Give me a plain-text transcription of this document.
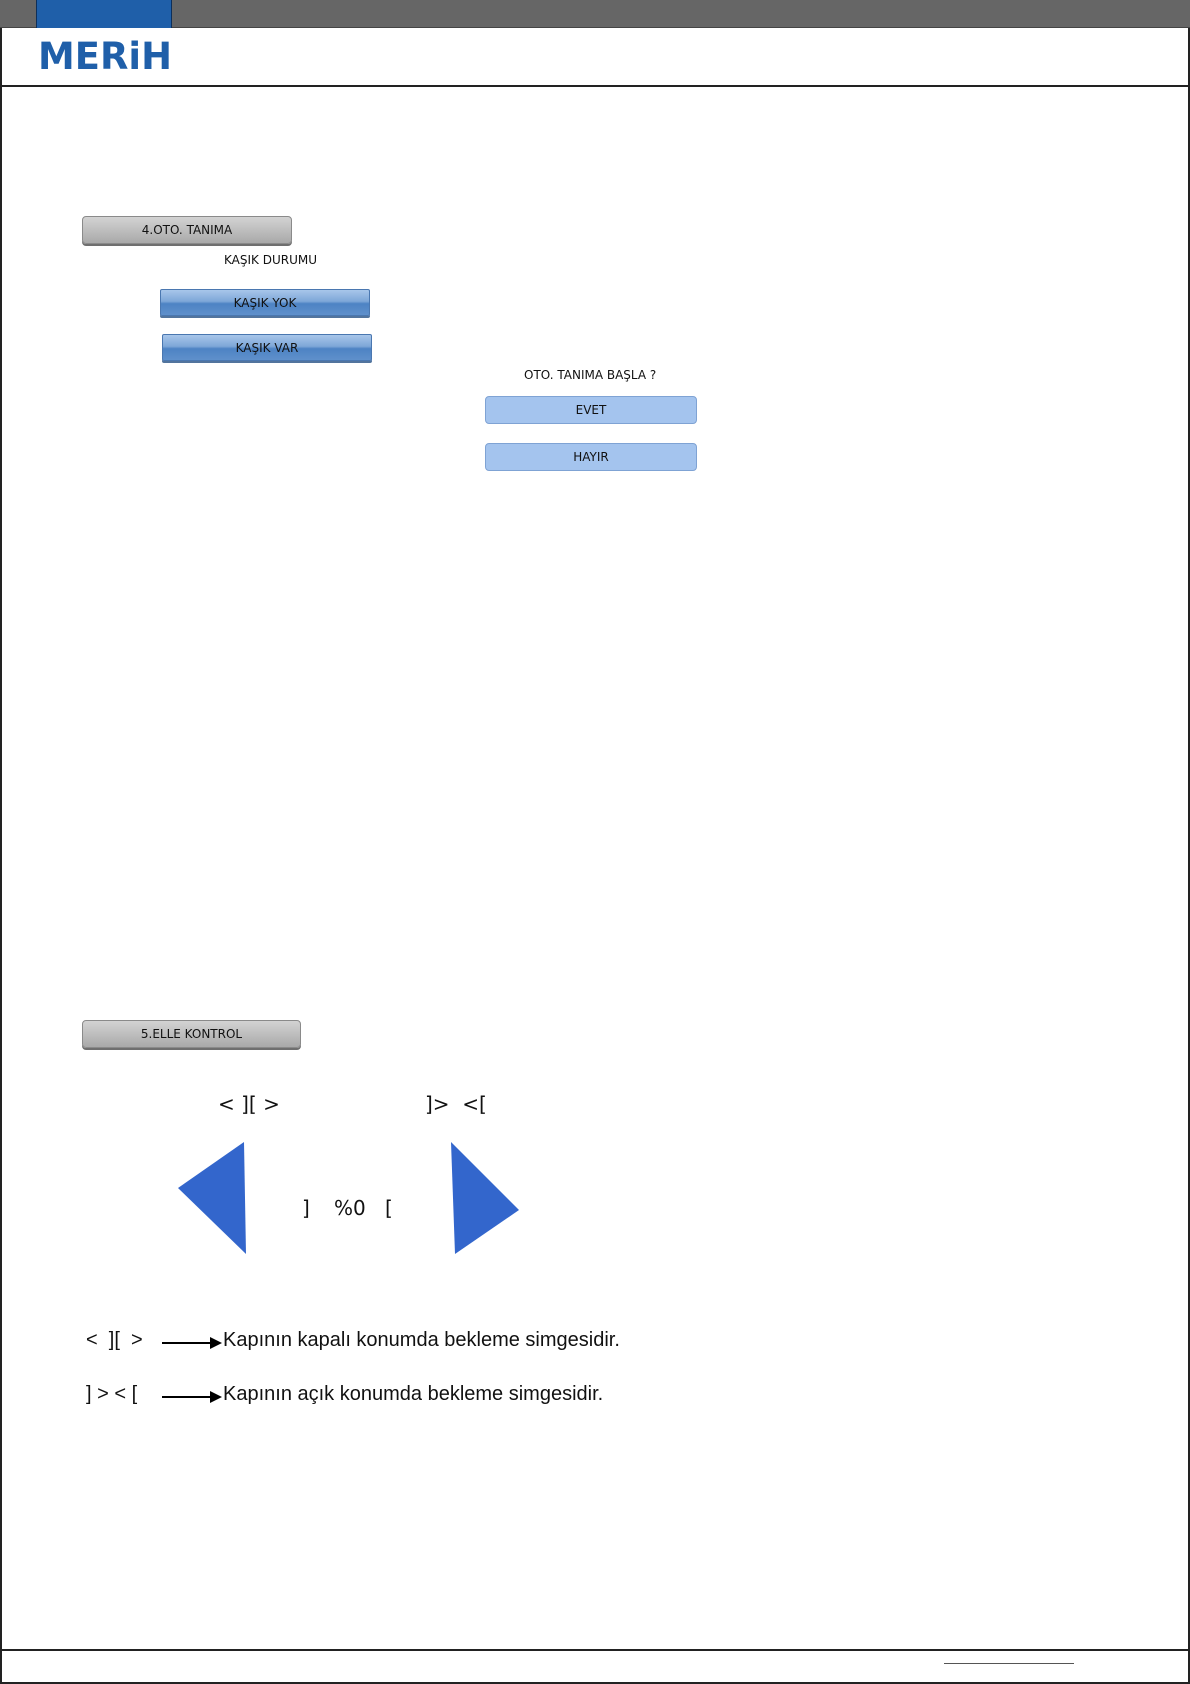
MERiH
4.OTO. TANIMA
KAŞIK DURUMU
KAŞIK YOK
KAŞIK VAR
OTO. TANIMA BAŞLA ?
EVET
HAYIR
5.ELLE KONTROL
< ][ >	]>  <[
] %0 [
<  ][  >	Kapının kapalı konumda bekleme simgesidir.
] > < [	Kapının açık konumda bekleme simgesidir.
